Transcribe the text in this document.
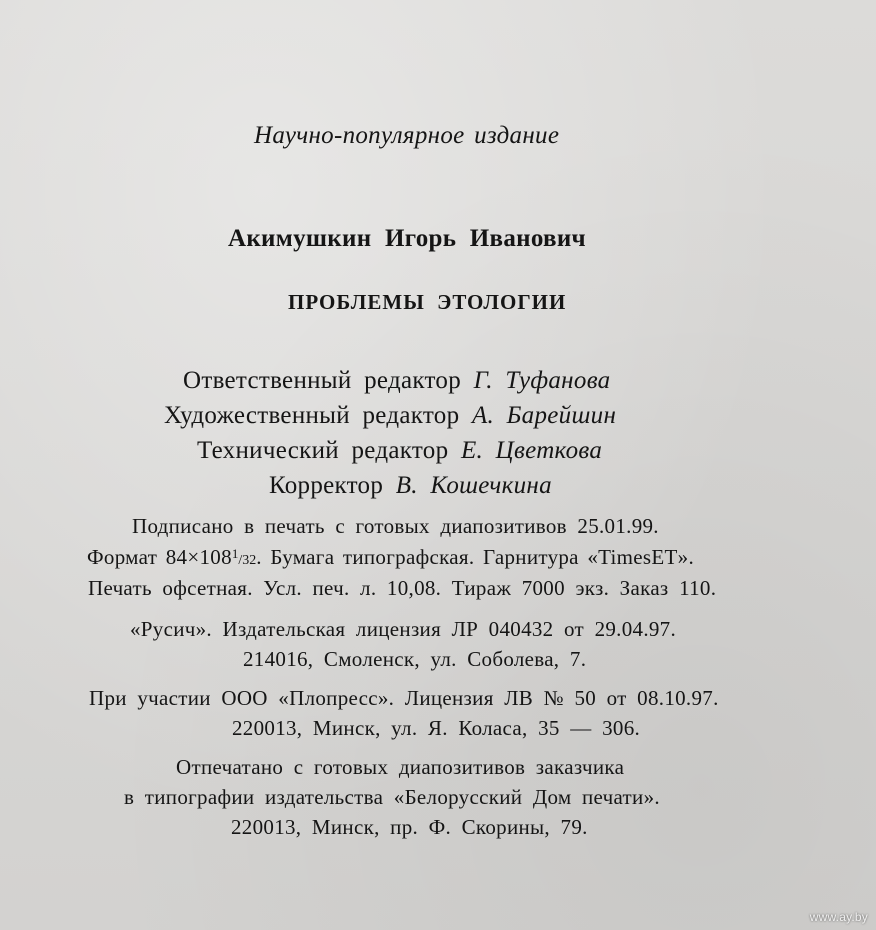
Научно-популярное издание
Акимушкин Игорь Иванович
ПРОБЛЕМЫ ЭТОЛОГИИ
Ответственный редактор Г. Туфанова
Художественный редактор А. Барейшин
Технический редактор Е. Цветкова
Корректор В. Кошечкина
Подписано в печать с готовых диапозитивов 25.01.99.
Формат $84\times 108^1/32$. Бумага типографская. Гарнитура «TimesET».
Печать офсетная. Усл. печ. л. 10,08. Тираж 7000 экз. Заказ 110.
«Русич». Издательская лицензия ЛР 040432 от 29.04.97.
214016, Смоленск, ул. Соболева, 7.
При участии ООО «Плопресс». Лицензия ЛВ № 50 от 08.10.97.
220013, Минск, ул. Я. Коласа, 35 — 306.
Отпечатано с готовых диапозитивов заказчика
в типографии издательства «Белорусский Дом печати».
220013, Минск, пр. Ф. Скорины, 79.
www.ay.by
